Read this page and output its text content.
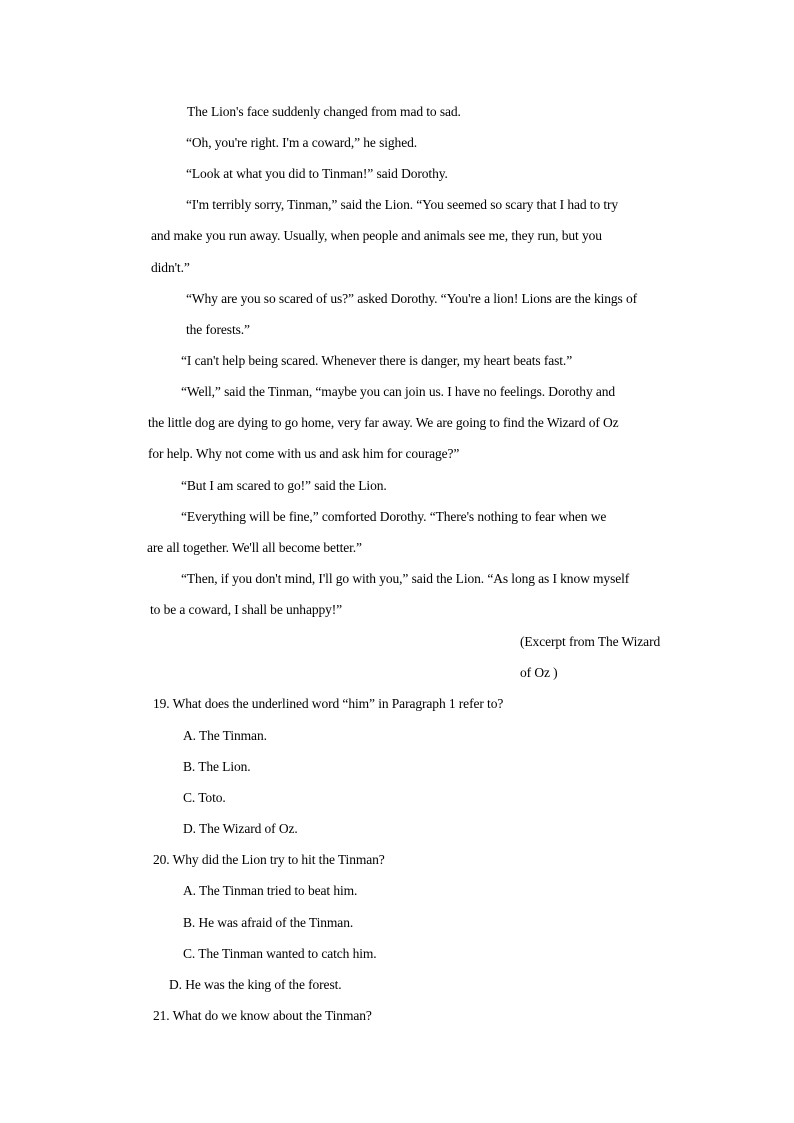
The Lion's face suddenly changed from mad to sad.
“Oh, you're right. I'm a coward,” he sighed.
“Look at what you did to Tinman!” said Dorothy.
“I'm terribly sorry, Tinman,” said the Lion. “You seemed so scary that I had to try
and make you run away. Usually, when people and animals see me, they run, but you
didn't.”
“Why are you so scared of us?” asked Dorothy. “You're a lion! Lions are the kings of
the forests.”
“I can't help being scared. Whenever there is danger, my heart beats fast.”
“Well,” said the Tinman, “maybe you can join us. I have no feelings. Dorothy and
the little dog are dying to go home, very far away. We are going to find the Wizard of Oz
for help. Why not come with us and ask him for courage?”
“But I am scared to go!” said the Lion.
“Everything will be fine,” comforted Dorothy. “There's nothing to fear when we
are all together. We'll all become better.”
“Then, if you don't mind, I'll go with you,” said the Lion. “As long as I know myself
to be a coward, I shall be unhappy!”
(Excerpt from The Wizard
of Oz )
19. What does the underlined word “him” in Paragraph 1 refer to?
A. The Tinman.
B. The Lion.
C. Toto.
D. The Wizard of Oz.
20. Why did the Lion try to hit the Tinman?
A. The Tinman tried to beat him.
B. He was afraid of the Tinman.
C. The Tinman wanted to catch him.
D. He was the king of the forest.
21. What do we know about the Tinman?
